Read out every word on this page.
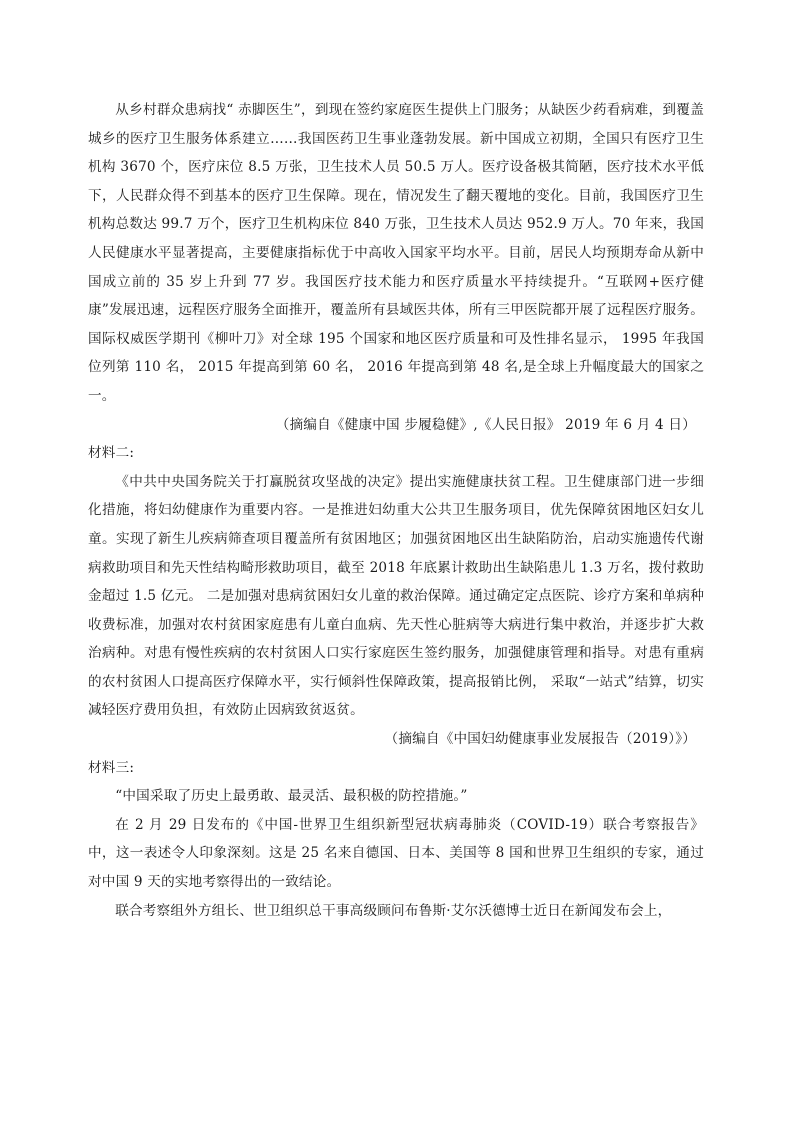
从乡村群众患病找“ 赤脚医生”，到现在签约家庭医生提供上门服务；从缺医少药看病难，到覆盖城乡的医疗卫生服务体系建立……我国医药卫生事业蓬勃发展。新中国成立初期，全国只有医疗卫生机构 3670 个，医疗床位 8.5 万张，卫生技术人员 50.5 万人。医疗设备极其简陋，医疗技术水平低下，人民群众得不到基本的医疗卫生保障。现在，情况发生了翻天覆地的变化。目前，我国医疗卫生机构总数达 99.7 万个，医疗卫生机构床位 840 万张，卫生技术人员达 952.9 万人。70 年来，我国人民健康水平显著提高，主要健康指标优于中高收入国家平均水平。目前，居民人均预期寿命从新中国成立前的 35 岁上升到 77 岁。我国医疗技术能力和医疗质量水平持续提升。“互联网+医疗健康”发展迅速，远程医疗服务全面推开，覆盖所有县域医共体，所有三甲医院都开展了远程医疗服务。国际权威医学期刊《柳叶刀》对全球 195 个国家和地区医疗质量和可及性排名显示， 1995 年我国位列第 110 名， 2015 年提高到第 60 名， 2016 年提高到第 48 名,是全球上升幅度最大的国家之一。

（摘编自《健康中国 步履稳健》,《人民日报》 2019 年 6 月 4 日）

材料二:

《中共中央国务院关于打赢脱贫攻坚战的决定》提出实施健康扶贫工程。卫生健康部门进一步细化措施，将妇幼健康作为重要内容。一是推进妇幼重大公共卫生服务项目，优先保障贫困地区妇女儿童。实现了新生儿疾病筛查项目覆盖所有贫困地区；加强贫困地区出生缺陷防治，启动实施遗传代谢病救助项目和先天性结构畸形救助项目，截至 2018 年底累计救助出生缺陷患儿 1.3 万名，拨付救助金超过 1.5 亿元。 二是加强对患病贫困妇女儿童的救治保障。通过确定定点医院、诊疗方案和单病种收费标准，加强对农村贫困家庭患有儿童白血病、先天性心脏病等大病进行集中救治，并逐步扩大救治病种。对患有慢性疾病的农村贫困人口实行家庭医生签约服务，加强健康管理和指导。对患有重病的农村贫困人口提高医疗保障水平，实行倾斜性保障政策，提高报销比例， 采取“一站式”结算，切实减轻医疗费用负担，有效防止因病致贫返贫。

（摘编自《中国妇幼健康事业发展报告（2019）》）

材料三:

“中国采取了历史上最勇敢、最灵活、最积极的防控措施。”

在 2 月 29 日发布的《中国-世界卫生组织新型冠状病毒肺炎（COVID-19）联合考察报告》中，这一表述令人印象深刻。这是 25 名来自德国、日本、美国等 8 国和世界卫生组织的专家，通过对中国 9 天的实地考察得出的一致结论。

联合考察组外方组长、世卫组织总干事高级顾问布鲁斯·艾尔沃德博士近日在新闻发布会上，
